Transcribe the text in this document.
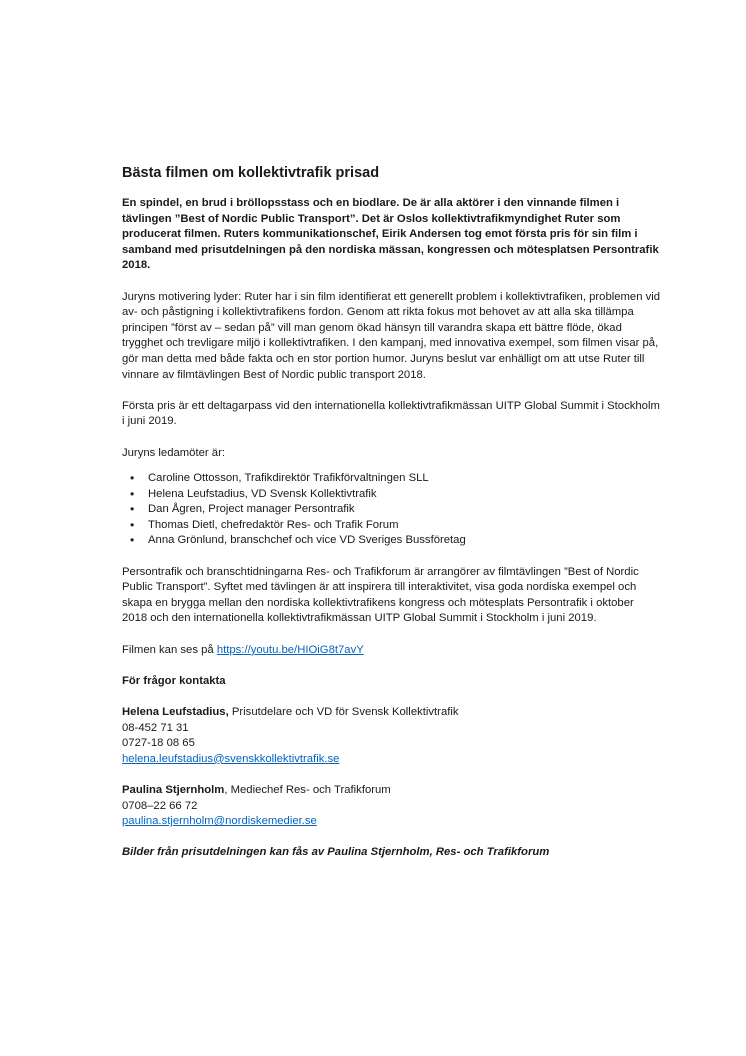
Bästa filmen om kollektivtrafik prisad

En spindel, en brud i bröllopsstass och en biodlare. De är alla aktörer i den vinnande filmen i tävlingen ”Best of Nordic Public Transport”. Det är Oslos kollektivtrafikmyndighet Ruter som producerat filmen. Ruters kommunikationschef, Eirik Andersen tog emot första pris för sin film i samband med prisutdelningen på den nordiska mässan, kongressen och mötesplatsen Persontrafik 2018.

Juryns motivering lyder: Ruter har i sin film identifierat ett generellt problem i kollektivtrafiken, problemen vid av- och påstigning i kollektivtrafikens fordon. Genom att rikta fokus mot behovet av att alla ska tillämpa principen ”först av – sedan på” vill man genom ökad hänsyn till varandra skapa ett bättre flöde, ökad trygghet och trevligare miljö i kollektivtrafiken. I den kampanj, med innovativa exempel, som filmen visar på, gör man detta med både fakta och en stor portion humor. Juryns beslut var enhälligt om att utse Ruter till vinnare av filmtävlingen Best of Nordic public transport 2018.

Första pris är ett deltagarpass vid den internationella kollektivtrafikmässan UITP Global Summit i Stockholm i juni 2019.

Juryns ledamöter är:

• Caroline Ottosson, Trafikdirektör Trafikförvaltningen SLL
• Helena Leufstadius, VD Svensk Kollektivtrafik
• Dan Ågren, Project manager Persontrafik
• Thomas Dietl, chefredaktör Res- och Trafik Forum
• Anna Grönlund, branschchef och vice VD Sveriges Bussföretag

Persontrafik och branschtidningarna Res- och Trafikforum är arrangörer av filmtävlingen ”Best of Nordic Public Transport”. Syftet med tävlingen är att inspirera till interaktivitet, visa goda nordiska exempel och skapa en brygga mellan den nordiska kollektivtrafikens kongress och mötesplats Persontrafik i oktober 2018 och den internationella kollektivtrafikmässan UITP Global Summit i Stockholm i juni 2019.

Filmen kan ses på https://youtu.be/HIOiG8t7avY

För frågor kontakta

Helena Leufstadius, Prisutdelare och VD för Svensk Kollektivtrafik
08-452 71 31
0727-18 08 65
helena.leufstadius@svenskkollektivtrafik.se
Paulina Stjernholm, Mediechef Res- och Trafikforum
0708–22 66 72
paulina.stjernholm@nordiskemedier.se

Bilder från prisutdelningen kan fås av Paulina Stjernholm, Res- och Trafikforum
